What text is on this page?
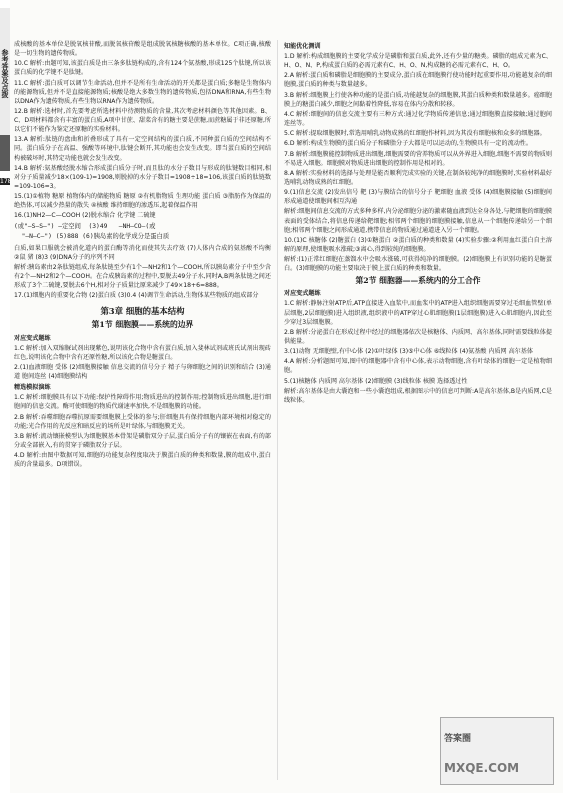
参考答案及点拨
178

成核酸的基本单位是脱氧核苷酸,而脱氧核苷酸是组成脱氧核糖核酸的基本单位。C项正确,核酸是一切生物的遗传物质。

10.C 解析:由题可知,该蛋白质是由三条多肽链构成的,含有124个氨基酸,形成125个肽键,所以该蛋白质的化学键不是肽键。

11.C 解析:蛋白质可以调节生命活动,但并不是所有生命活动的开关都是蛋白质;多糖是生物体内的能源物质,但并不是直接能源物质;核酸是绝大多数生物的遗传物质,包括DNA和RNA,有些生物以DNA作为遗传物质,有些生物以RNA作为遗传物质。

12.B 解析:选材时,首先要考虑所选材料中待测物质的含量,其次考虑材料颜色等其他因素。B、C、D项材料都含有丰富的蛋白质,A项中甘蔗、甜菜含有的糖主要是蔗糖,而蔗糖属于非还原糖,所以它们不能作为鉴定还原糖的实验材料。

13.A 解析:肽链的盘曲和折叠形成了具有一定空间结构的蛋白质,不同种蛋白质的空间结构不同。蛋白质分子在高温、强酸等环境中,肽键会断开,其功能也会发生改变。即当蛋白质的空间结构被破坏时,其特定功能也就会发生改变。

14.B 解析:氨基酸经脱水缩合形成蛋白质分子时,而且肽的水分子数目与形成的肽键数目相同,相对分子质量减少18×(109-1)=1908,则脱掉的水分子数目=1908÷18=106,该蛋白质的肽链数=109-106=3。

15.(1)①植物 糖原 植物体内的储能物质 糖原 ②有机脂物质 生理功能 蛋白质 ③脂肪作为保温的绝热体,可以减少热量的散失 ④核酸 维持细胞的渗透压,起着保温作用

16.(1)NH2—C—COOH (2)脱水缩合 化学键 二硫键

(或"—S—S—") —定空间  (3)49   —NH—CO—(或
"—N—C—") (5)888 (6)胰岛素的化学成分是蛋白质

白质,如果口服就会被消化道内的蛋白酶等消化而使其失去疗效 (7)人体内合成的氨基酸不均衡 ②鼠 猪 (8)3 (9)DNA分子的序列不同

解析:胰岛素由2条肽链组成,每条肽链至少有1个—NH2和1个—COOH,所以胰岛素分子中至少含有2个—NH2和2个—COOH。在合成胰岛素的过程中,要脱去49分子水,同时A,B两条肽链之间还形成了3个二硫键,要脱去6个H,相对分子质量比原来减少了49×18+6=888。

17.(1)细胞内的重要化合物 (2)蛋白质 (3)0.4 (4)调节生命活动,生物体某些物质的组成部分

第3章 细胞的基本结构
第1节 细胞膜——系统的边界
对应变式题练

1.C 解析:加入双缩脲试剂出现紫色,说明该化合物中含有蛋白质,加入斐林试剂或班氏试剂出现砖红色,说明该化合物中含有还原性糖,所以该化合物是糖蛋白。

2.(1)血液细胞 受体 (2)细胞膜接触 信息交流的信号分子 精子与卵细胞之间的识别和结合 (3)通道 胞间连丝 (4)细胞膜结构

精选模拟演练

1.C 解析:细胞膜具有以下功能:保护性障碍作用;物质进出的控制作用;控制物质进出细胞,进行细胞间的信息交流。酶可使细胞的物质代谢速率加快,不是细胞膜的功能。

2.B 解析:吞噬细胞吞噬抗原需要细胞膜上受体的参与;肝细胞具有保持细胞内部环境相对稳定的功能;光合作用的光反应和暗反应的场所是叶绿体,与细胞膜无关。

3.B 解析:流动镶嵌模型认为细胞膜基本骨架是磷脂双分子层,蛋白质分子有的镶嵌在表面,有的部分或全部嵌入,有的贯穿于磷脂双分子层。

4.D 解析:由图中数据可知,细胞的功能复杂程度取决于膜蛋白质的种类和数量,膜的组成中,蛋白质的含量最多。D项错误。

知能优化测训

1.D 解析:构成细胞膜的主要化学成分是磷脂和蛋白质,此外,还有少量的糖类。磷脂的组成元素为C、H、O、N、P,构成蛋白质的必需元素有C、H、O、N,构成糖的必需元素有C、H、O。

2.A 解析:蛋白质和磷脂是细胞膜的主要成分,蛋白质在细胞膜行使功能时起重要作用,功能越复杂的细胞膜,蛋白质的种类与数量越多。

3.B 解析:细胞膜上行使各种功能的是蛋白质,功能越复杂的细胞膜,其蛋白质种类和数量越多。癌细胞膜上的糖蛋白减少,细胞之间黏着性降低,容易在体内分散和转移。

4.C 解析:细胞间的信息交流主要有三种方式:通过化学物质传递信息;通过细胞膜直接接触;通过胞间连丝等。

5.C 解析:提取细胞膜时,常选用哺乳动物成熟的红细胞作材料,因为其没有细胞核和众多的细胞器。

6.D 解析:构成生物膜的蛋白质分子和磷脂分子大都是可以运动的,生物膜具有一定的流动性。

7.B 解析:细胞膜能控制物质进出细胞,细胞需要的营养物质可以从外界进入细胞,细胞不需要的物质则不易进入细胞。细胞膜对物质进出细胞的控制作用是相对的。

8.A 解析:实验材料的选择与处理是能否顺利完成实验的关键,在制备较纯净的细胞膜时,实验材料最好选哺乳动物成熟的红细胞。

9.(1)信息交流 (2)发出信号 靶 (3)与膜结合的信号分子 靶细胞 血液 受体 (4)细胞膜接触 (5)细胞间形成通道使细胞间相互沟通

解析:细胞间信息交流的方式多种多样,内分泌细胞分泌的激素随血液到达全身各处,与靶细胞的细胞膜表面的受体结合,将信息传递给靶细胞;相邻两个细胞的细胞膜接触,信息从一个细胞传递给另一个细胞;相邻两个细胞之间形成通道,携带信息的物质通过通道进入另一个细胞。

10.(1)C 核糖体 (2)糖蛋白 (3)①糖蛋白 ②蛋白质的种类和数量 (4)实验步骤:②利用血红蛋白自主溶解的原理,使细胞吸水涨破;③离心,得到较纯的细胞膜。

解析:(1)正常红细胞在蒸馏水中会吸水涨破,可获得纯净的细胞膜。(2)细胞膜上有识别功能的是糖蛋白。(3)细胞膜的功能主要取决于膜上蛋白质的种类和数量。

第2节 细胞器——系统内的分工合作
对应变式题练

1.C 解析:静脉注射ATP后,ATP直接进入血浆中,而血浆中的ATP进入组织细胞需要穿过毛细血管壁(单层细胞,2层细胞膜)进入组织液,组织液中的ATP穿过心肌细胞膜(1层细胞膜)进入心肌细胞内,因此至少穿过3层细胞膜。

2.B 解析:分泌蛋白在形成过程中经过的细胞器依次是核糖体、内质网、高尔基体,同时需要线粒体提供能量。

3.(1)动物 无细胞壁,有中心体 (2)①叶绿体 (3)⑤中心体 ⑥线粒体 (4)氨基酸 内质网 高尔基体

4.A 解析:分析题图可知,图中的细胞器中含有中心体,表示动物细胞,含有叶绿体的细胞一定是植物细胞。

5.(1)核糖体 内质网 高尔基体 (2)细胞膜 (3)线粒体 核膜 选择透过性

解析:高尔基体是由大囊泡和一些小囊泡组成,根据图示中的信息可判断:A是高尔基体,B是内质网,C是线粒体。

答案圈
MXQE.COM
